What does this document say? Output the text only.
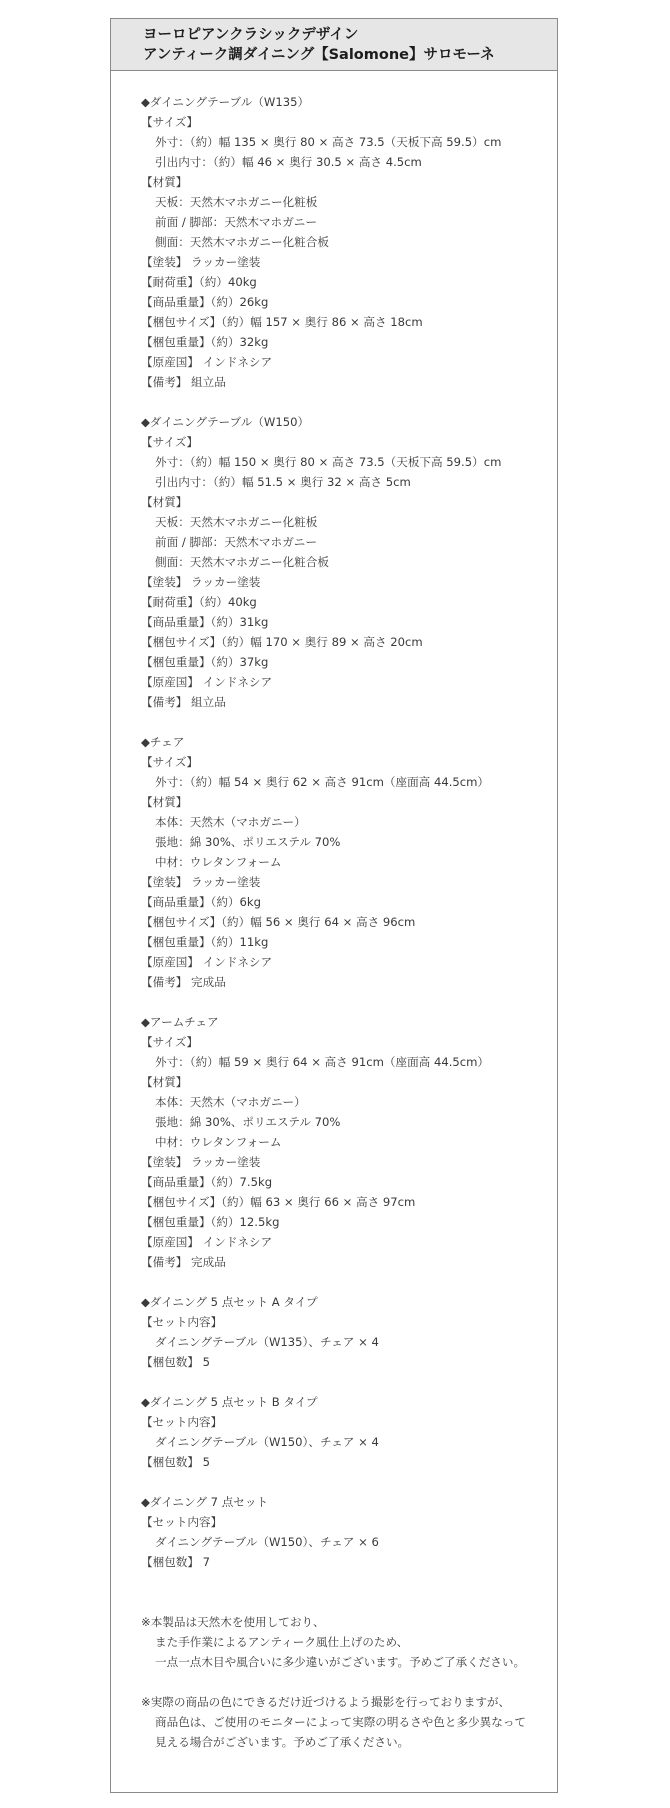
ヨーロピアンクラシックデザイン
アンティーク調ダイニング【Salomone】サロモーネ
◆ダイニングテーブル（W135）
【サイズ】
外寸：（約）幅 135 × 奥行 80 × 高さ 73.5（天板下高 59.5）cm
引出内寸：（約）幅 46 × 奥行 30.5 × 高さ 4.5cm
【材質】
天板：天然木マホガニー化粧板
前面 / 脚部：天然木マホガニー
側面：天然木マホガニー化粧合板
【塗装】 ラッカー塗装
【耐荷重】（約）40kg
【商品重量】（約）26kg
【梱包サイズ】（約）幅 157 × 奥行 86 × 高さ 18cm
【梱包重量】（約）32kg
【原産国】 インドネシア
【備考】 組立品
◆ダイニングテーブル（W150）
【サイズ】
外寸：（約）幅 150 × 奥行 80 × 高さ 73.5（天板下高 59.5）cm
引出内寸：（約）幅 51.5 × 奥行 32 × 高さ 5cm
【材質】
天板：天然木マホガニー化粧板
前面 / 脚部：天然木マホガニー
側面：天然木マホガニー化粧合板
【塗装】 ラッカー塗装
【耐荷重】（約）40kg
【商品重量】（約）31kg
【梱包サイズ】（約）幅 170 × 奥行 89 × 高さ 20cm
【梱包重量】（約）37kg
【原産国】 インドネシア
【備考】 組立品
◆チェア
【サイズ】
外寸：（約）幅 54 × 奥行 62 × 高さ 91cm（座面高 44.5cm）
【材質】
本体：天然木（マホガニー）
張地：綿 30%、ポリエステル 70%
中材：ウレタンフォーム
【塗装】 ラッカー塗装
【商品重量】（約）6kg
【梱包サイズ】（約）幅 56 × 奥行 64 × 高さ 96cm
【梱包重量】（約）11kg
【原産国】 インドネシア
【備考】 完成品
◆アームチェア
【サイズ】
外寸：（約）幅 59 × 奥行 64 × 高さ 91cm（座面高 44.5cm）
【材質】
本体：天然木（マホガニー）
張地：綿 30%、ポリエステル 70%
中材：ウレタンフォーム
【塗装】 ラッカー塗装
【商品重量】（約）7.5kg
【梱包サイズ】（約）幅 63 × 奥行 66 × 高さ 97cm
【梱包重量】（約）12.5kg
【原産国】 インドネシア
【備考】 完成品
◆ダイニング 5 点セット A タイプ
【セット内容】
ダイニングテーブル（W135）、チェア × 4
【梱包数】 5
◆ダイニング 5 点セット B タイプ
【セット内容】
ダイニングテーブル（W150）、チェア × 4
【梱包数】 5
◆ダイニング 7 点セット
【セット内容】
ダイニングテーブル（W150）、チェア × 6
【梱包数】 7
※本製品は天然木を使用しており、
また手作業によるアンティーク風仕上げのため、
一点一点木目や風合いに多少違いがございます。予めご了承ください。
※実際の商品の色にできるだけ近づけるよう撮影を行っておりますが、
商品色は、ご使用のモニターによって実際の明るさや色と多少異なって
見える場合がございます。予めご了承ください。
